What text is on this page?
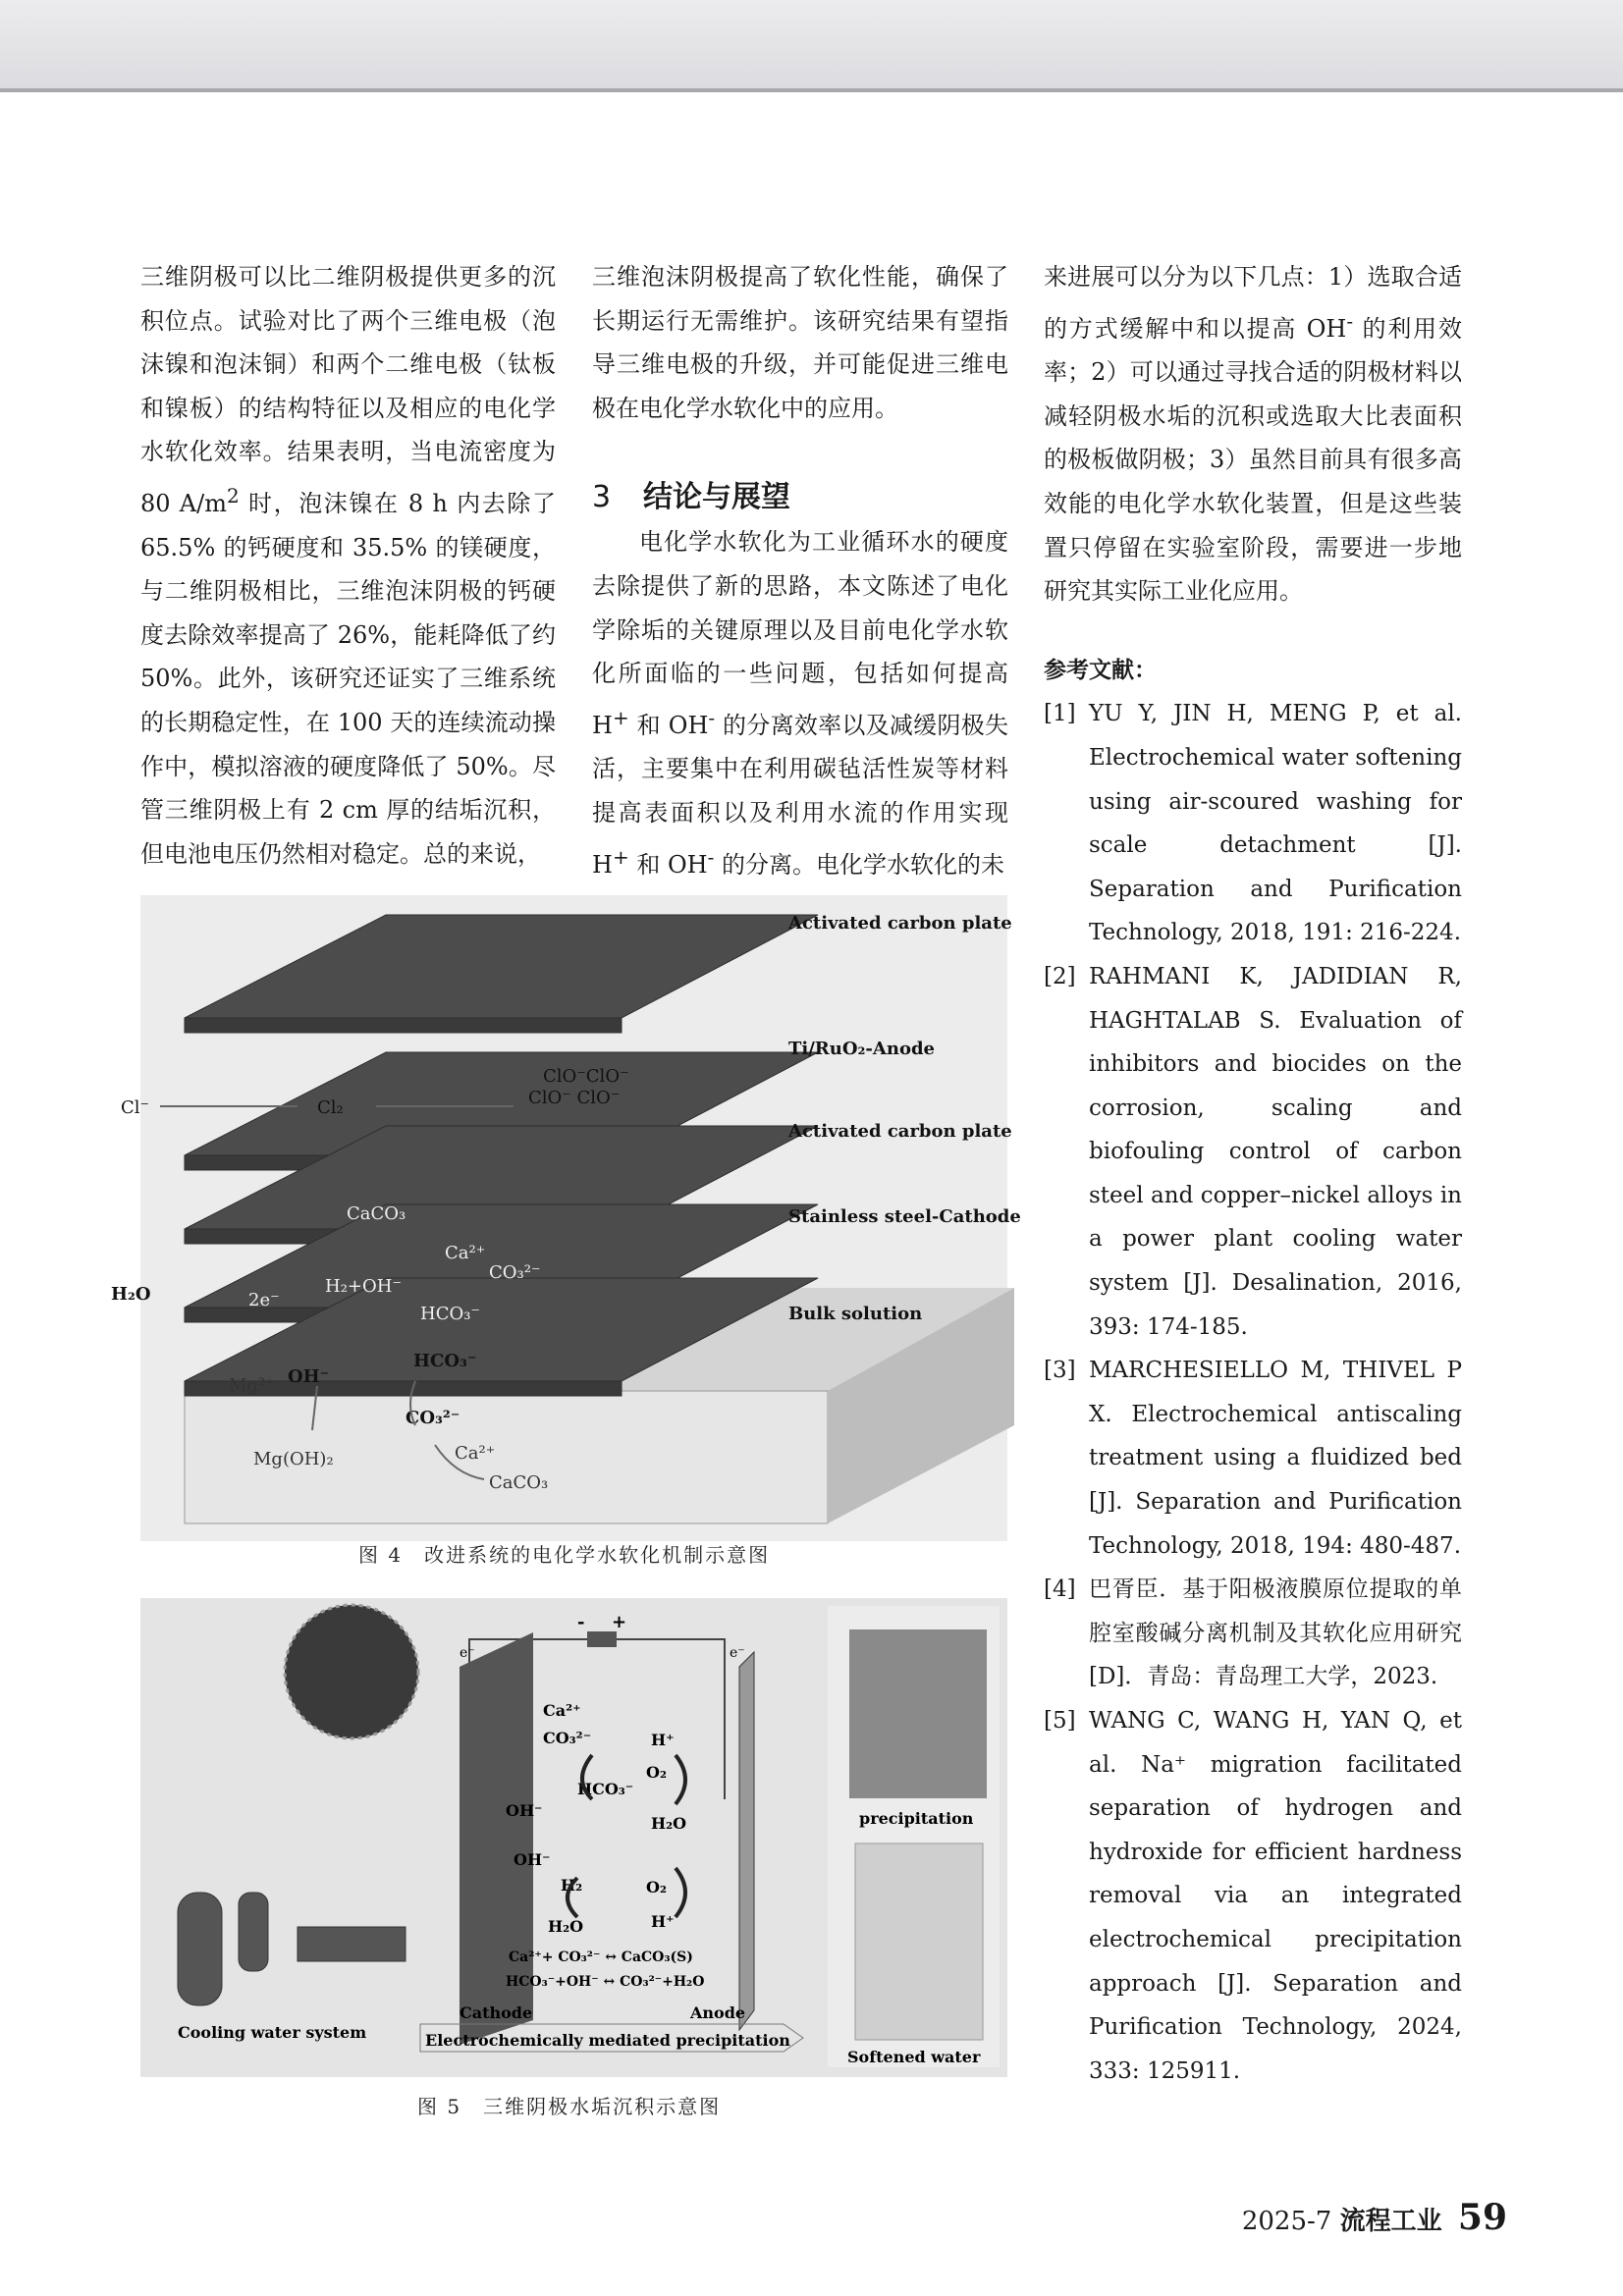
三维阴极可以比二维阴极提供更多的沉积位点。试验对比了两个三维电极（泡沫镍和泡沫铜）和两个二维电极（钛板和镍板）的结构特征以及相应的电化学水软化效率。结果表明，当电流密度为 80 $A/m^2$ 时，泡沫镍在 8 h 内去除了 65.5% 的钙硬度和 35.5% 的镁硬度，与二维阴极相比，三维泡沫阴极的钙硬度去除效率提高了 26%，能耗降低了约 50%。此外，该研究还证实了三维系统的长期稳定性，在 100 天的连续流动操作中，模拟溶液的硬度降低了 50%。尽管三维阴极上有 2 cm 厚的结垢沉积，但电池电压仍然相对稳定。总的来说，

三维泡沫阴极提高了软化性能，确保了长期运行无需维护。该研究结果有望指导三维电极的升级，并可能促进三维电极在电化学水软化中的应用。

3 结论与展望

电化学水软化为工业循环水的硬度去除提供了新的思路，本文陈述了电化学除垢的关键原理以及目前电化学水软化所面临的一些问题，包括如何提高 H+ 和 OH- 的分离效率以及减缓阴极失活，主要集中在利用碳毡活性炭等材料提高表面积以及利用水流的作用实现 H+ 和 OH- 的分离。电化学水软化的未

来进展可以分为以下几点：1）选取合适的方式缓解中和以提高 OH- 的利用效率；2）可以通过寻找合适的阴极材料以减轻阴极水垢的沉积或选取大比表面积的极板做阴极；3）虽然目前具有很多高效能的电化学水软化装置，但是这些装置只停留在实验室阶段，需要进一步地研究其实际工业化应用。

参考文献：

[1] YU Y, JIN H, MENG P, et al. Electrochemical water softening using air-scoured washing for scale detachment [J]. Separation and Purification Technology, 2018, 191: 216-224.
[2] RAHMANI K, JADIDIAN R, HAGHTALAB S. Evaluation of inhibitors and biocides on the corrosion, scaling and biofouling control of carbon steel and copper–nickel alloys in a power plant cooling water system [J]. Desalination, 2016, 393: 174-185.
[3] MARCHESIELLO M, THIVEL P X. Electrochemical antiscaling treatment using a fluidized bed [J]. Separation and Purification Technology, 2018, 194: 480-487.
[4] 巴胥臣．基于阳极液膜原位提取的单腔室酸碱分离机制及其软化应用研究 [D]．青岛：青岛理工大学，2023.
[5] WANG C, WANG H, YAN Q, et al. Na⁺ migration facilitated separation of hydrogen and hydroxide for efficient hardness removal via an integrated electrochemical precipitation approach [J]. Separation and Purification Technology, 2024, 333: 125911.
Activated carbon plate
Ti/RuO₂-Anode
Activated carbon plate
Stainless steel-Cathode
Bulk solution
Cl⁻	Cl₂
ClO⁻ClO⁻
ClO⁻ ClO⁻
CaCO₃
Ca²⁺
CO₃²⁻
H₂O	2e⁻
H₂+OH⁻
HCO₃⁻
Mg²⁺ OH⁻
HCO₃⁻
CO₃²⁻
Mg(OH)₂	Ca²⁺
CaCO₃
图 4　改进系统的电化学水软化机制示意图
- +
e⁻	e⁻
Ca²⁺
CO₃²⁻
HCO₃⁻
OH⁻
OH⁻
H₂
H₂O
H⁺
O₂
H₂O
O₂
H⁺
Ca²⁺+ CO₃²⁻ ↔ CaCO₃(S)
HCO₃⁻+OH⁻ ↔ CO₃²⁻+H₂O
Cathode	Anode
Cooling water system	Electrochemically mediated precipitation
precipitation
Softened water
图 5　三维阴极水垢沉积示意图
2025-7 流程工业 59
